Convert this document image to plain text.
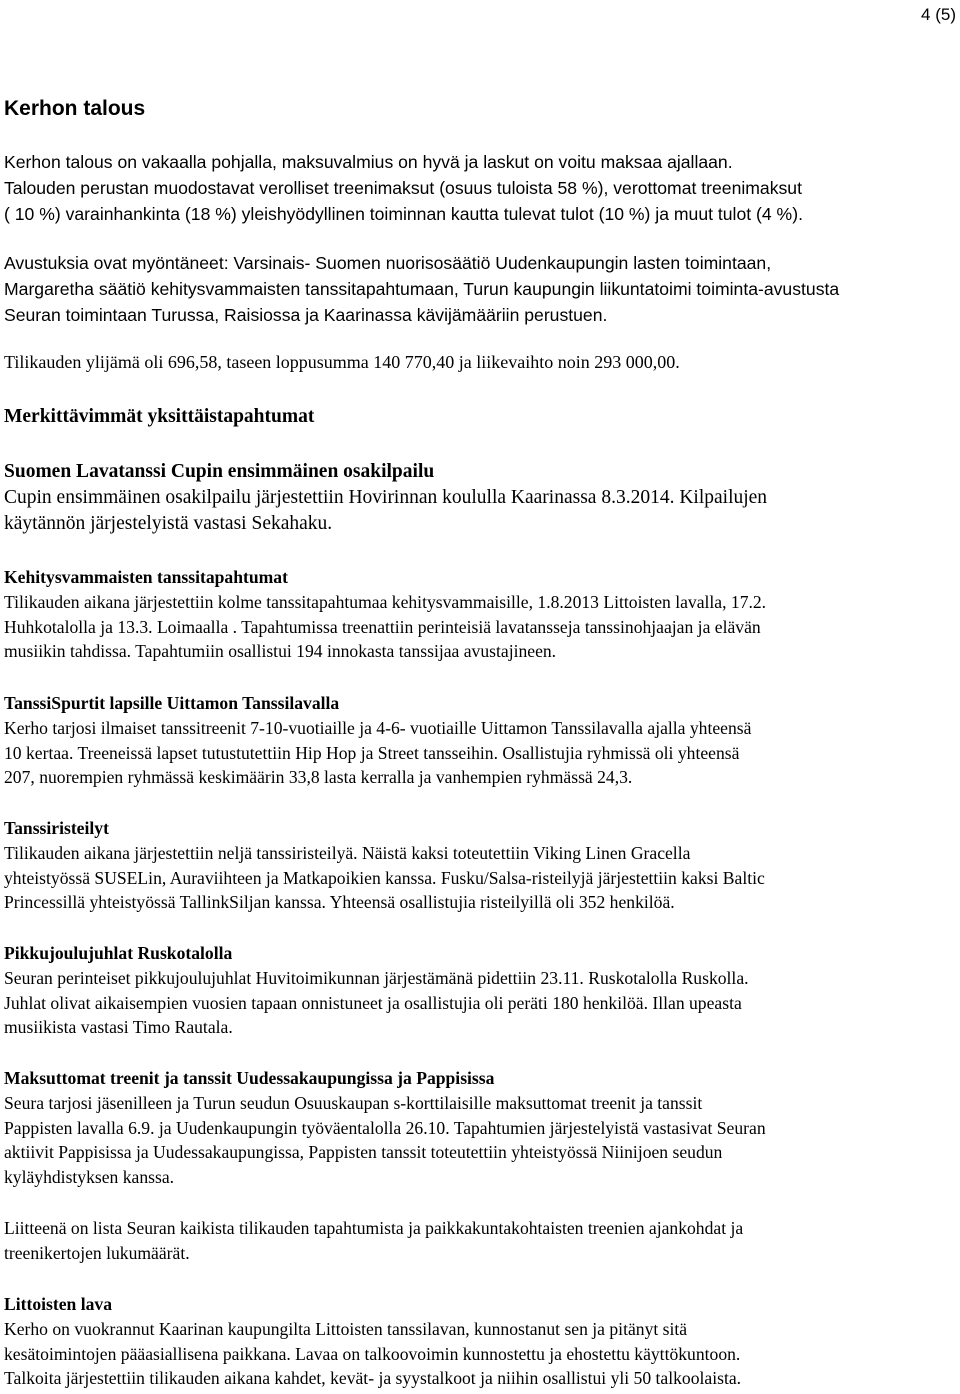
4 (5)
Kerhon talous
Kerhon talous on vakaalla pohjalla, maksuvalmius on hyvä ja laskut on voitu maksaa ajallaan.
Talouden perustan muodostavat verolliset treenimaksut (osuus tuloista 58 %), verottomat treenimaksut
( 10 %) varainhankinta (18 %) yleishyödyllinen toiminnan kautta tulevat tulot (10 %) ja muut tulot (4 %).
Avustuksia ovat myöntäneet: Varsinais- Suomen nuorisosäätiö Uudenkaupungin lasten toimintaan,
Margaretha säätiö kehitysvammaisten tanssitapahtumaan, Turun kaupungin liikuntatoimi toiminta-avustusta
Seuran toimintaan Turussa, Raisiossa ja Kaarinassa kävijämääriin perustuen.
Tilikauden ylijämä oli 696,58, taseen loppusumma 140 770,40 ja liikevaihto noin 293 000,00.
Merkittävimmät yksittäistapahtumat
Suomen Lavatanssi Cupin ensimmäinen osakilpailu
Cupin ensimmäinen osakilpailu järjestettiin Hovirinnan koululla Kaarinassa 8.3.2014. Kilpailujen
käytännön järjestelyistä vastasi Sekahaku.

Kehitysvammaisten tanssitapahtumat

Tilikauden aikana järjestettiin kolme tanssitapahtumaa kehitysvammaisille, 1.8.2013 Littoisten lavalla, 17.2.

Huhkotalolla ja 13.3. Loimaalla . Tapahtumissa treenattiin perinteisiä lavatansseja tanssinohjaajan ja elävän

musiikin tahdissa. Tapahtumiin osallistui 194 innokasta tanssijaa avustajineen.

TanssiSpurtit lapsille Uittamon Tanssilavalla

Kerho tarjosi ilmaiset tanssitreenit 7-10-vuotiaille ja 4-6- vuotiaille Uittamon Tanssilavalla ajalla yhteensä

10 kertaa. Treeneissä lapset tutustutettiin Hip Hop ja Street tansseihin. Osallistujia ryhmissä oli yhteensä

207, nuorempien ryhmässä keskimäärin 33,8 lasta kerralla ja vanhempien ryhmässä 24,3.

Tanssiristeilyt

Tilikauden aikana järjestettiin neljä tanssiristeilyä. Näistä kaksi toteutettiin Viking Linen Gracella

yhteistyössä SUSELin, Auraviihteen ja Matkapoikien kanssa. Fusku/Salsa-risteilyjä järjestettiin kaksi Baltic

Princessillä yhteistyössä TallinkSiljan kanssa. Yhteensä osallistujia risteilyillä oli 352 henkilöä.

Pikkujoulujuhlat Ruskotalolla

Seuran perinteiset pikkujoulujuhlat Huvitoimikunnan järjestämänä pidettiin 23.11. Ruskotalolla Ruskolla.

Juhlat olivat aikaisempien vuosien tapaan onnistuneet ja osallistujia oli peräti 180 henkilöä. Illan upeasta

musiikista vastasi Timo Rautala.

Maksuttomat treenit ja tanssit Uudessakaupungissa ja Pappisissa

Seura tarjosi jäsenilleen ja Turun seudun Osuuskaupan s-korttilaisille maksuttomat treenit ja tanssit

Pappisten lavalla 6.9. ja Uudenkaupungin työväentalolla 26.10. Tapahtumien järjestelyistä vastasivat Seuran

aktiivit Pappisissa ja Uudessakaupungissa, Pappisten tanssit toteutettiin yhteistyössä Niinijoen seudun

kyläyhdistyksen kanssa.

Liitteenä on lista Seuran kaikista tilikauden tapahtumista ja paikkakuntakohtaisten treenien ajankohdat ja

treenikertojen lukumäärät.

Littoisten lava

Kerho on vuokrannut Kaarinan kaupungilta Littoisten tanssilavan, kunnostanut sen ja pitänyt sitä

kesätoimintojen pääasiallisena paikkana. Lavaa on talkoovoimin kunnostettu ja ehostettu käyttökuntoon.

Talkoita järjestettiin tilikauden aikana kahdet, kevät- ja syystalkoot ja niihin osallistui yli 50 talkoolaista.
